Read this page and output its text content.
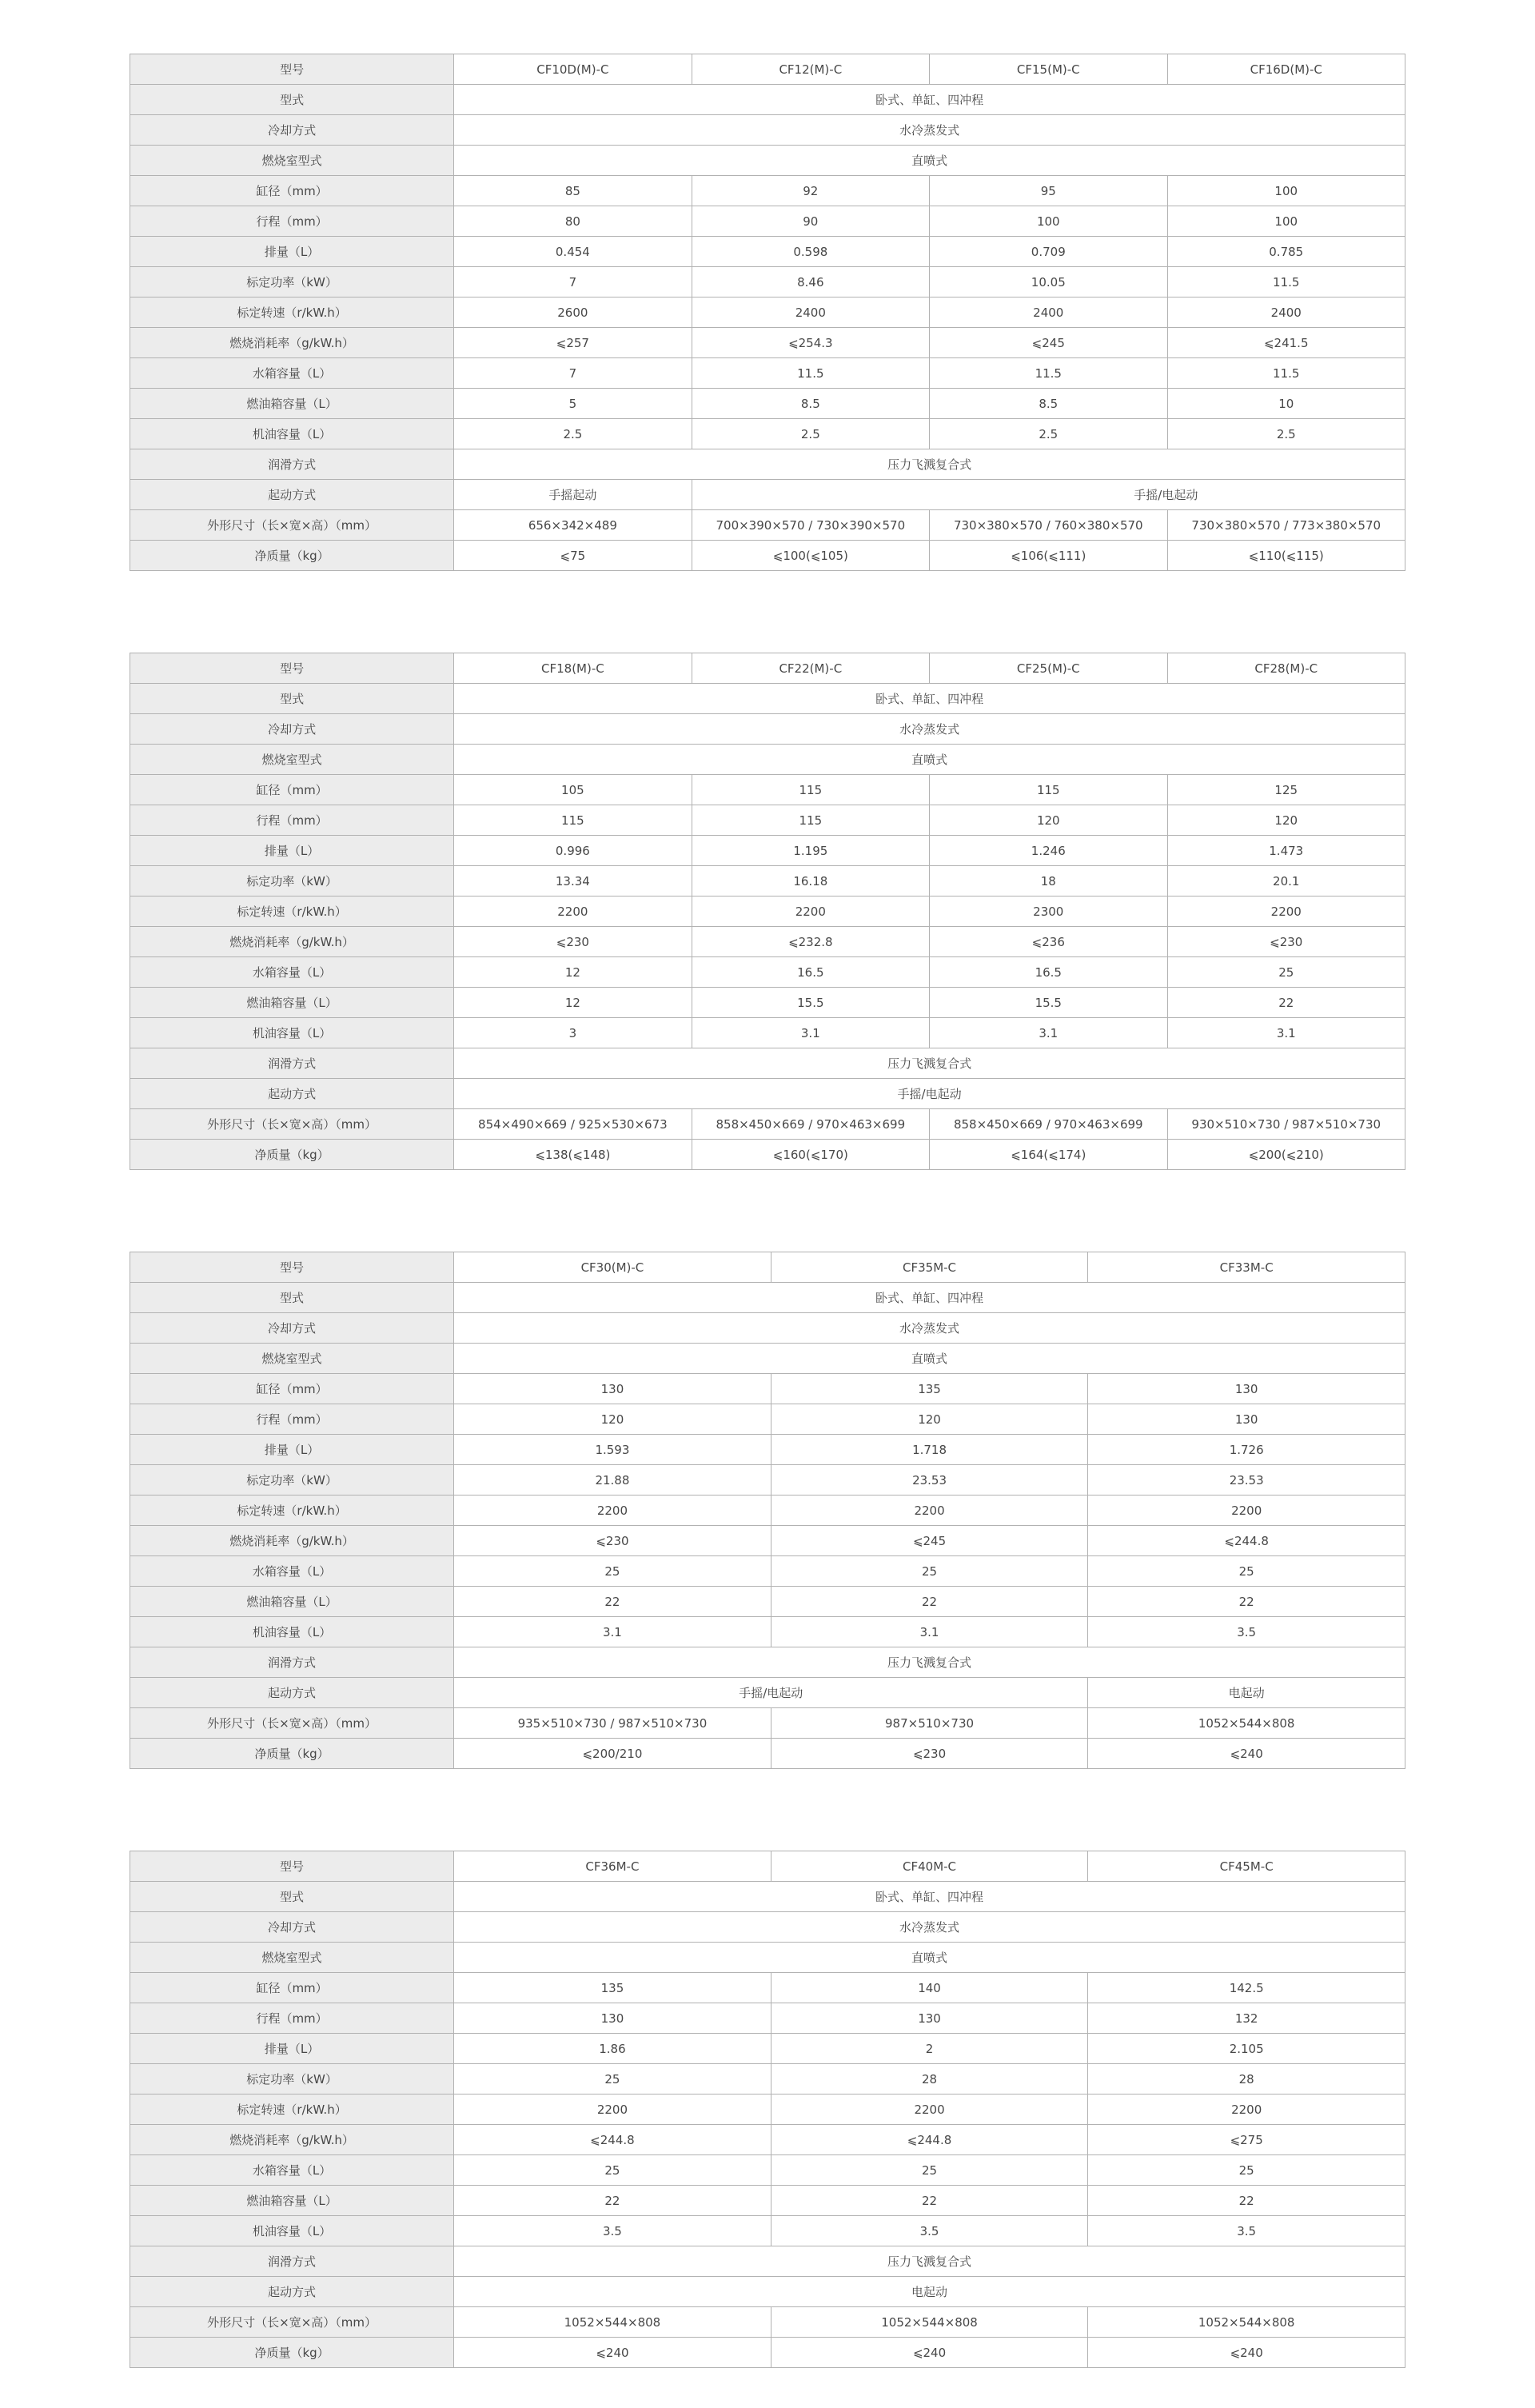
型号	CF10D(M)-C	CF12(M)-C	CF15(M)-C	CF16D(M)-C
型式	卧式、单缸、四冲程			
冷却方式	水冷蒸发式			
燃烧室型式	直喷式			
缸径（mm）	85	92	95	100
行程（mm）	80	90	100	100
排量（L）	0.454	0.598	0.709	0.785
标定功率（kW）	7	8.46	10.05	11.5
标定转速（r/kW.h）	2600	2400	2400	2400
燃烧消耗率（g/kW.h）	⩽257	⩽254.3	⩽245	⩽241.5
水箱容量（L）	7	11.5	11.5	11.5
燃油箱容量（L）	5	8.5	8.5	10
机油容量（L）	2.5	2.5	2.5	2.5
润滑方式	压力飞溅复合式			
起动方式	手摇起动	手摇/电起动		
外形尺寸（长×宽×高）（mm）	656×342×489	700×390×570 / 730×390×570	730×380×570 / 760×380×570	730×380×570 / 773×380×570
净质量（kg）	⩽75	⩽100(⩽105)	⩽106(⩽111)	⩽110(⩽115)
型号	CF18(M)-C	CF22(M)-C	CF25(M)-C	CF28(M)-C
型式	卧式、单缸、四冲程			
冷却方式	水冷蒸发式			
燃烧室型式	直喷式			
缸径（mm）	105	115	115	125
行程（mm）	115	115	120	120
排量（L）	0.996	1.195	1.246	1.473
标定功率（kW）	13.34	16.18	18	20.1
标定转速（r/kW.h）	2200	2200	2300	2200
燃烧消耗率（g/kW.h）	⩽230	⩽232.8	⩽236	⩽230
水箱容量（L）	12	16.5	16.5	25
燃油箱容量（L）	12	15.5	15.5	22
机油容量（L）	3	3.1	3.1	3.1
润滑方式	压力飞溅复合式			
起动方式	手摇/电起动			
外形尺寸（长×宽×高）（mm）	854×490×669 / 925×530×673	858×450×669 / 970×463×699	858×450×669 / 970×463×699	930×510×730 / 987×510×730
净质量（kg）	⩽138(⩽148)	⩽160(⩽170)	⩽164(⩽174)	⩽200(⩽210)
型号	CF30(M)-C	CF35M-C	CF33M-C
型式	卧式、单缸、四冲程		
冷却方式	水冷蒸发式		
燃烧室型式	直喷式		
缸径（mm）	130	135	130
行程（mm）	120	120	130
排量（L）	1.593	1.718	1.726
标定功率（kW）	21.88	23.53	23.53
标定转速（r/kW.h）	2200	2200	2200
燃烧消耗率（g/kW.h）	⩽230	⩽245	⩽244.8
水箱容量（L）	25	25	25
燃油箱容量（L）	22	22	22
机油容量（L）	3.1	3.1	3.5
润滑方式	压力飞溅复合式		
起动方式	手摇/电起动		电起动
外形尺寸（长×宽×高）（mm）	935×510×730 / 987×510×730	987×510×730	1052×544×808
净质量（kg）	⩽200/210	⩽230	⩽240
型号	CF36M-C	CF40M-C	CF45M-C
型式	卧式、单缸、四冲程		
冷却方式	水冷蒸发式		
燃烧室型式	直喷式		
缸径（mm）	135	140	142.5
行程（mm）	130	130	132
排量（L）	1.86	2	2.105
标定功率（kW）	25	28	28
标定转速（r/kW.h）	2200	2200	2200
燃烧消耗率（g/kW.h）	⩽244.8	⩽244.8	⩽275
水箱容量（L）	25	25	25
燃油箱容量（L）	22	22	22
机油容量（L）	3.5	3.5	3.5
润滑方式	压力飞溅复合式		
起动方式	电起动		
外形尺寸（长×宽×高）（mm）	1052×544×808	1052×544×808	1052×544×808
净质量（kg）	⩽240	⩽240	⩽240
